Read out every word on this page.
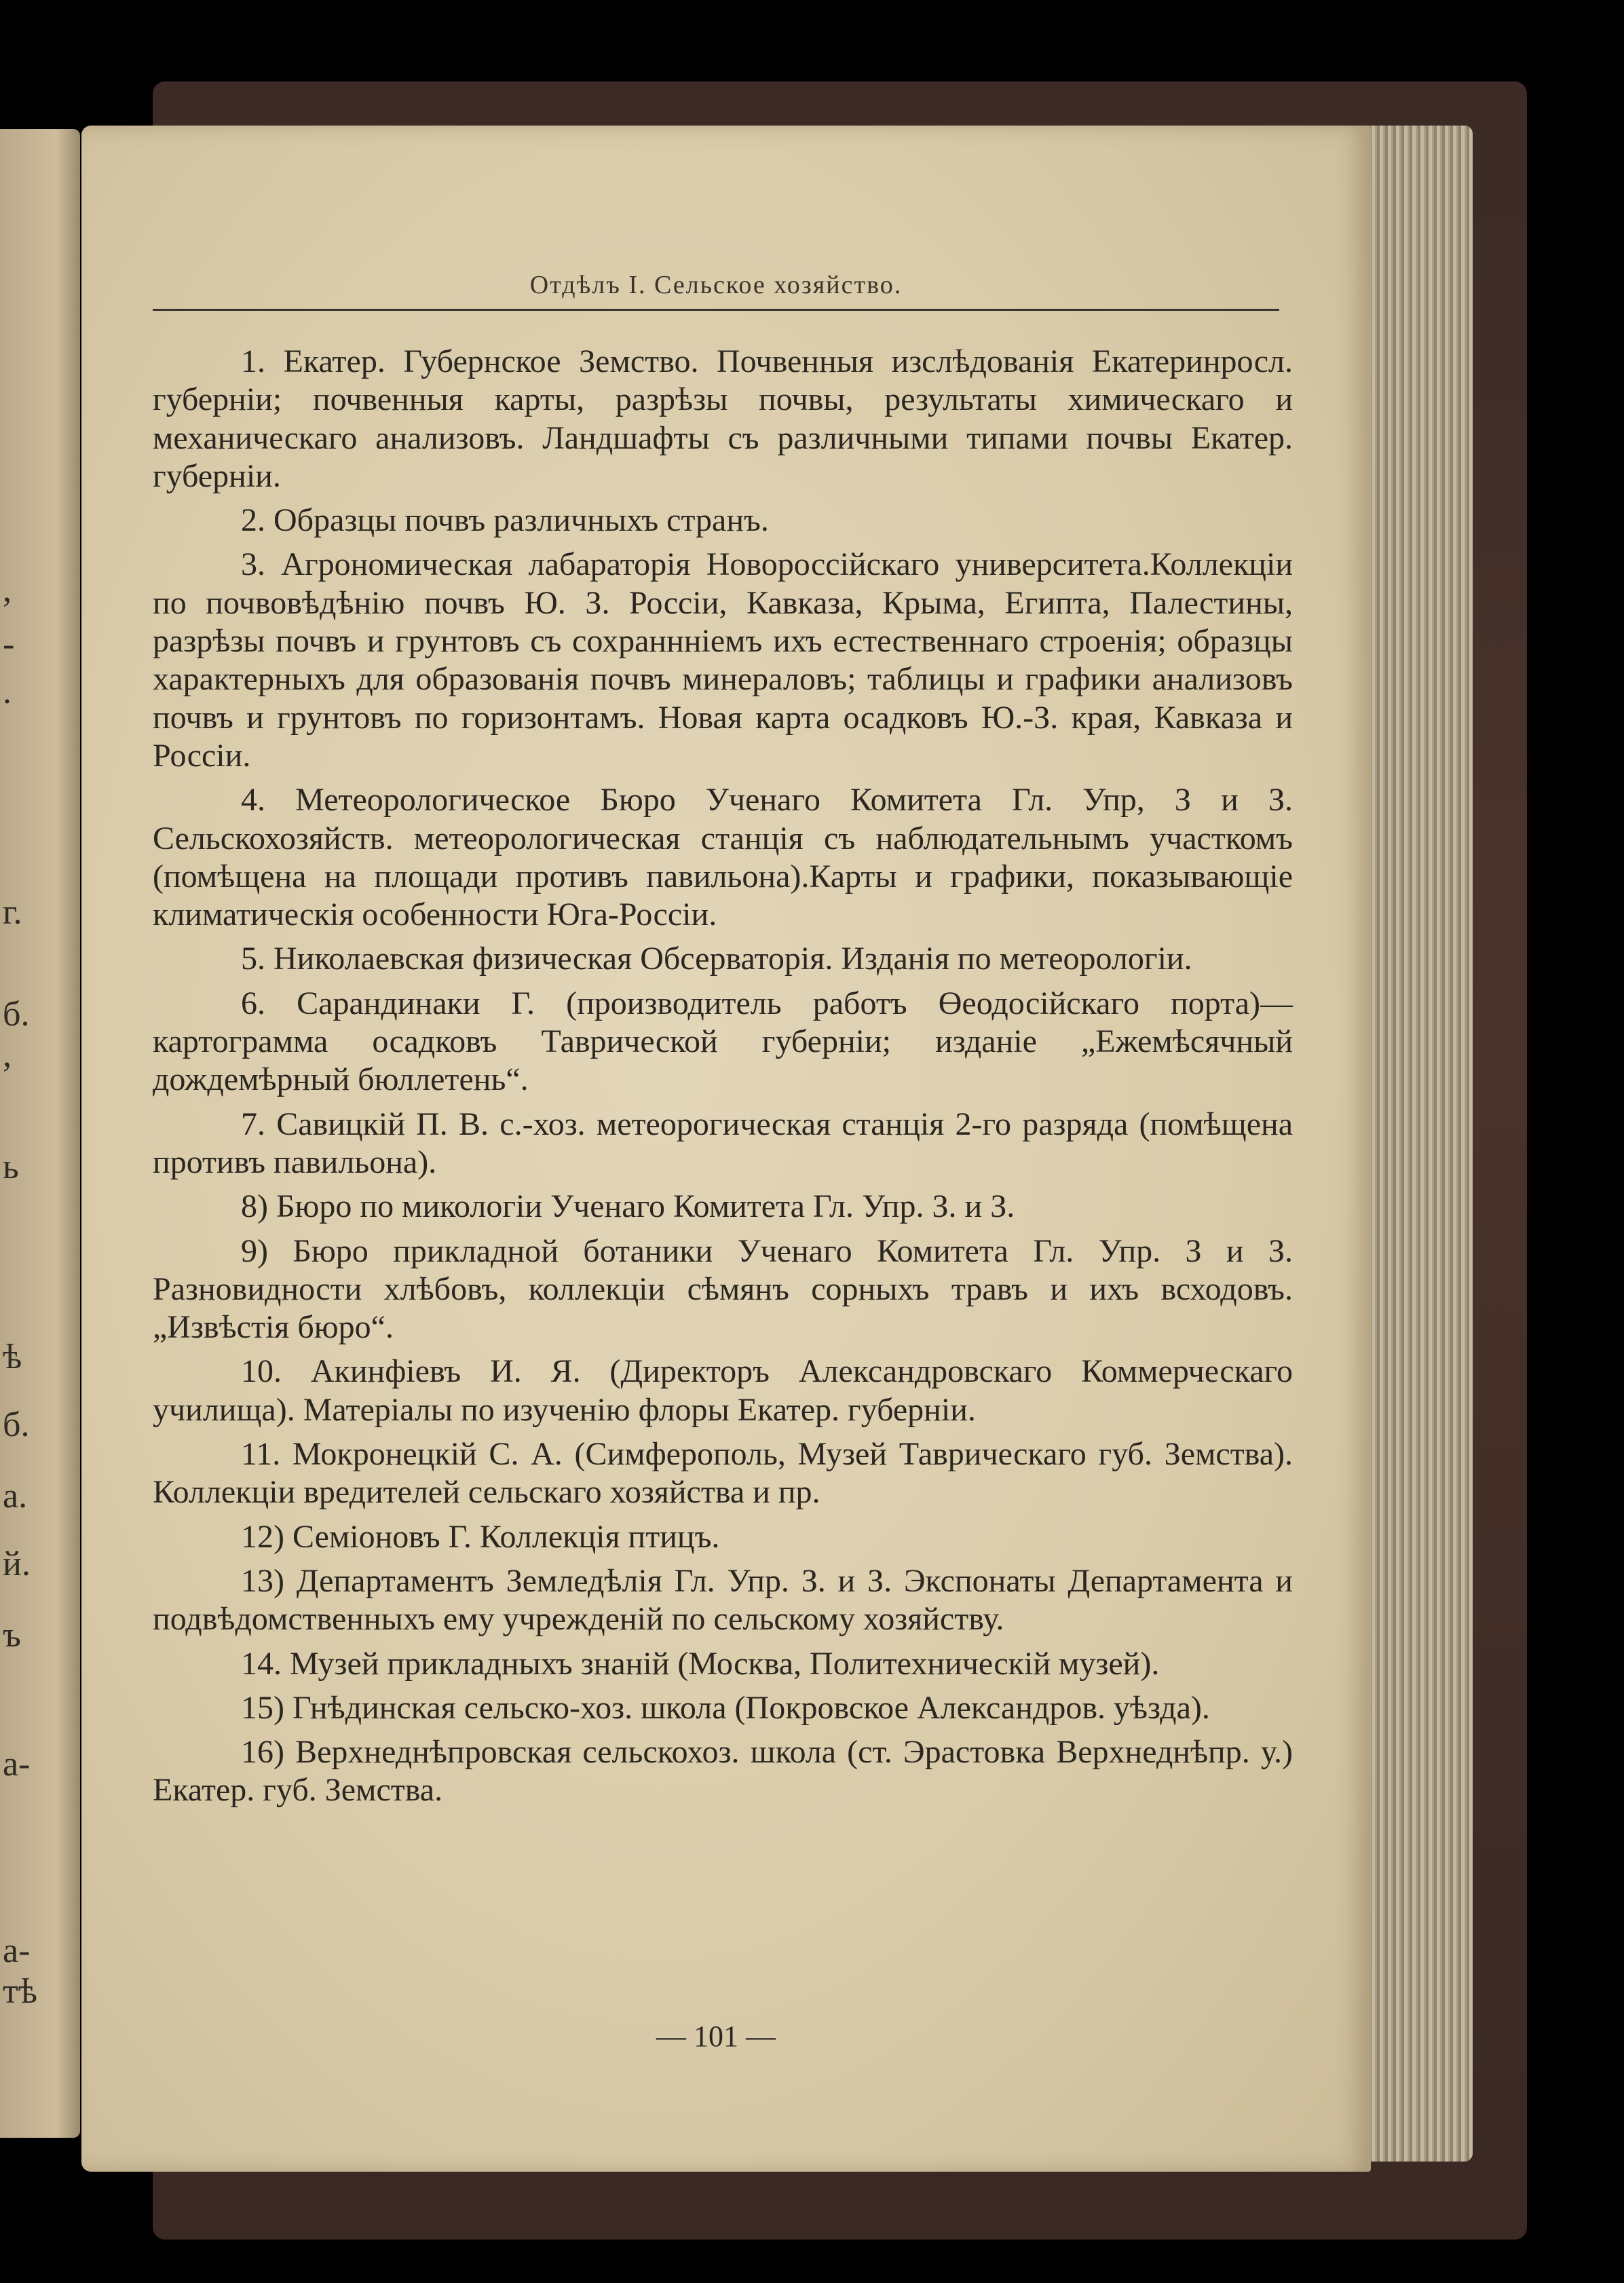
,
-
.
г.
б.
,
ь
ѣ
б.
а.
й.
ъ
а-
а-
тѣ
Отдѣлъ I. Сельское хозяйство.

1. Екатер. Губернское Земство. Почвенныя изслѣдованія Екатеринросл. губерніи; почвенныя карты, разрѣзы почвы, результаты химическаго и механическаго анализовъ. Ландшафты съ различными типами почвы Екатер. губерніи.

2. Образцы почвъ различныхъ странъ.

3. Агрономическая лабараторія Новороссійскаго университета.Коллекціи по почвовѣдѣнію почвъ Ю. З. Россіи, Кавказа, Крыма, Египта, Палестины, разрѣзы почвъ и грунтовъ съ сохраннніемъ ихъ естественнаго строенія; образцы характерныхъ для образованія почвъ минераловъ; таблицы и графики анализовъ почвъ и грунтовъ по горизонтамъ. Новая карта осадковъ Ю.-З. края, Кавказа и Россіи.

4. Метеорологическое Бюро Ученаго Комитета Гл. Упр, З и З. Сельскохозяйств. метеорологическая станція съ наблюдательнымъ участкомъ (помѣщена на площади противъ павильона).Карты и графики, показывающіе климатическія особенности Юга-Россіи.

5. Николаевская физическая Обсерваторія. Изданія по метеорологіи.

6. Сарандинаки Г. (производитель работъ Өеодосійскаго порта)— картограмма осадковъ Таврической губерніи; изданіе „Ежемѣсячный дождемѣрный бюллетень“.

7. Савицкій П. В. с.-хоз. метеорогическая станція 2-го разряда (помѣщена противъ павильона).

8) Бюро по микологіи Ученаго Комитета Гл. Упр. З. и З.

9) Бюро прикладной ботаники Ученаго Комитета Гл. Упр. З и З. Разновидности хлѣбовъ, коллекціи сѣмянъ сорныхъ травъ и ихъ всходовъ. „Извѣстія бюро“.

10. Акинфіевъ И. Я. (Директоръ Александровскаго Коммерческаго училища). Матеріалы по изученію флоры Екатер. губерніи.

11. Мокронецкій С. А. (Симферополь, Музей Таврическаго губ. Земства). Коллекціи вредителей сельскаго хозяйства и пр.

12) Семіоновъ Г. Коллекція птицъ.

13) Департаментъ Земледѣлія Гл. Упр. З. и З. Экспонаты Департамента и подвѣдомственныхъ ему учрежденій по сельскому хозяйству.

14. Музей прикладныхъ знаній (Москва, Политехническій музей).

15) Гнѣдинская сельско-хоз. школа (Покровское Александров. уѣзда).

16) Верхнеднѣпровская сельскохоз. школа (ст. Эрастовка Верхнеднѣпр. у.) Екатер. губ. Земства.

— 101 —
